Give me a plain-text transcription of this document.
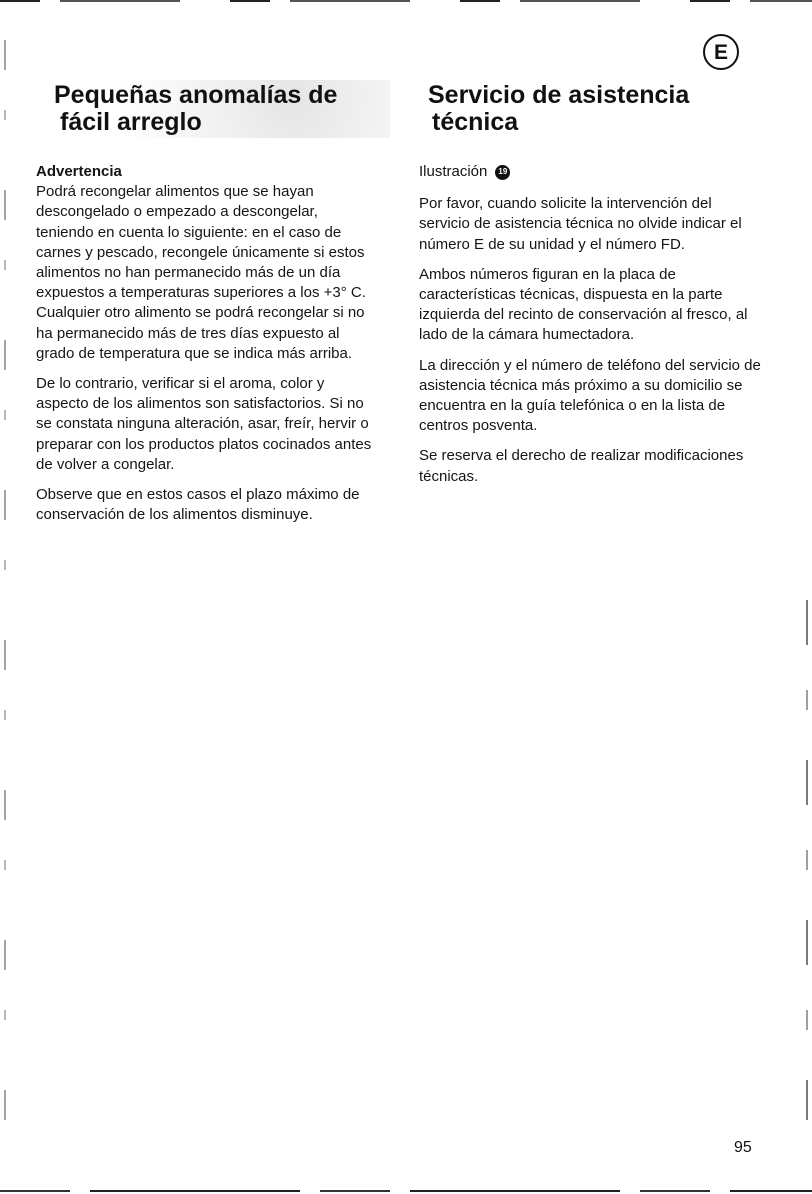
E
Pequeñas anomalías de
fácil arreglo
Servicio de asistencia
técnica
Advertencia

Podrá recongelar alimentos que se hayan descongelado o empezado a descongelar, teniendo en cuenta lo siguiente: en el caso de carnes y pescado, recongele únicamente si estos alimentos no han permanecido más de un día expuestos a temperaturas superiores a los +3° C. Cualquier otro alimento se podrá recongelar si no ha permanecido más de tres días expuesto al grado de temperatura que se indica más arriba.

De lo contrario, verificar si el aroma, color y aspecto de los alimentos son satisfactorios. Si no se constata ninguna alteración, asar, freír, hervir o preparar con los productos platos cocinados antes de volver a congelar.

Observe que en estos casos el plazo máximo de conservación de los alimentos disminuye.

Ilustración	19

Por favor, cuando solicite la intervención del servicio de asistencia técnica no olvide indicar el número E de su unidad y el número FD.

Ambos números figuran en la placa de características técnicas, dispuesta en la parte izquierda del recinto de conservación al fresco, al lado de la cámara humectadora.

La dirección y el número de teléfono del servicio de asistencia técnica más próximo a su domicilio se encuentra en la guía telefónica o en la lista de centros posventa.

Se reserva el derecho de realizar modificaciones técnicas.

95
